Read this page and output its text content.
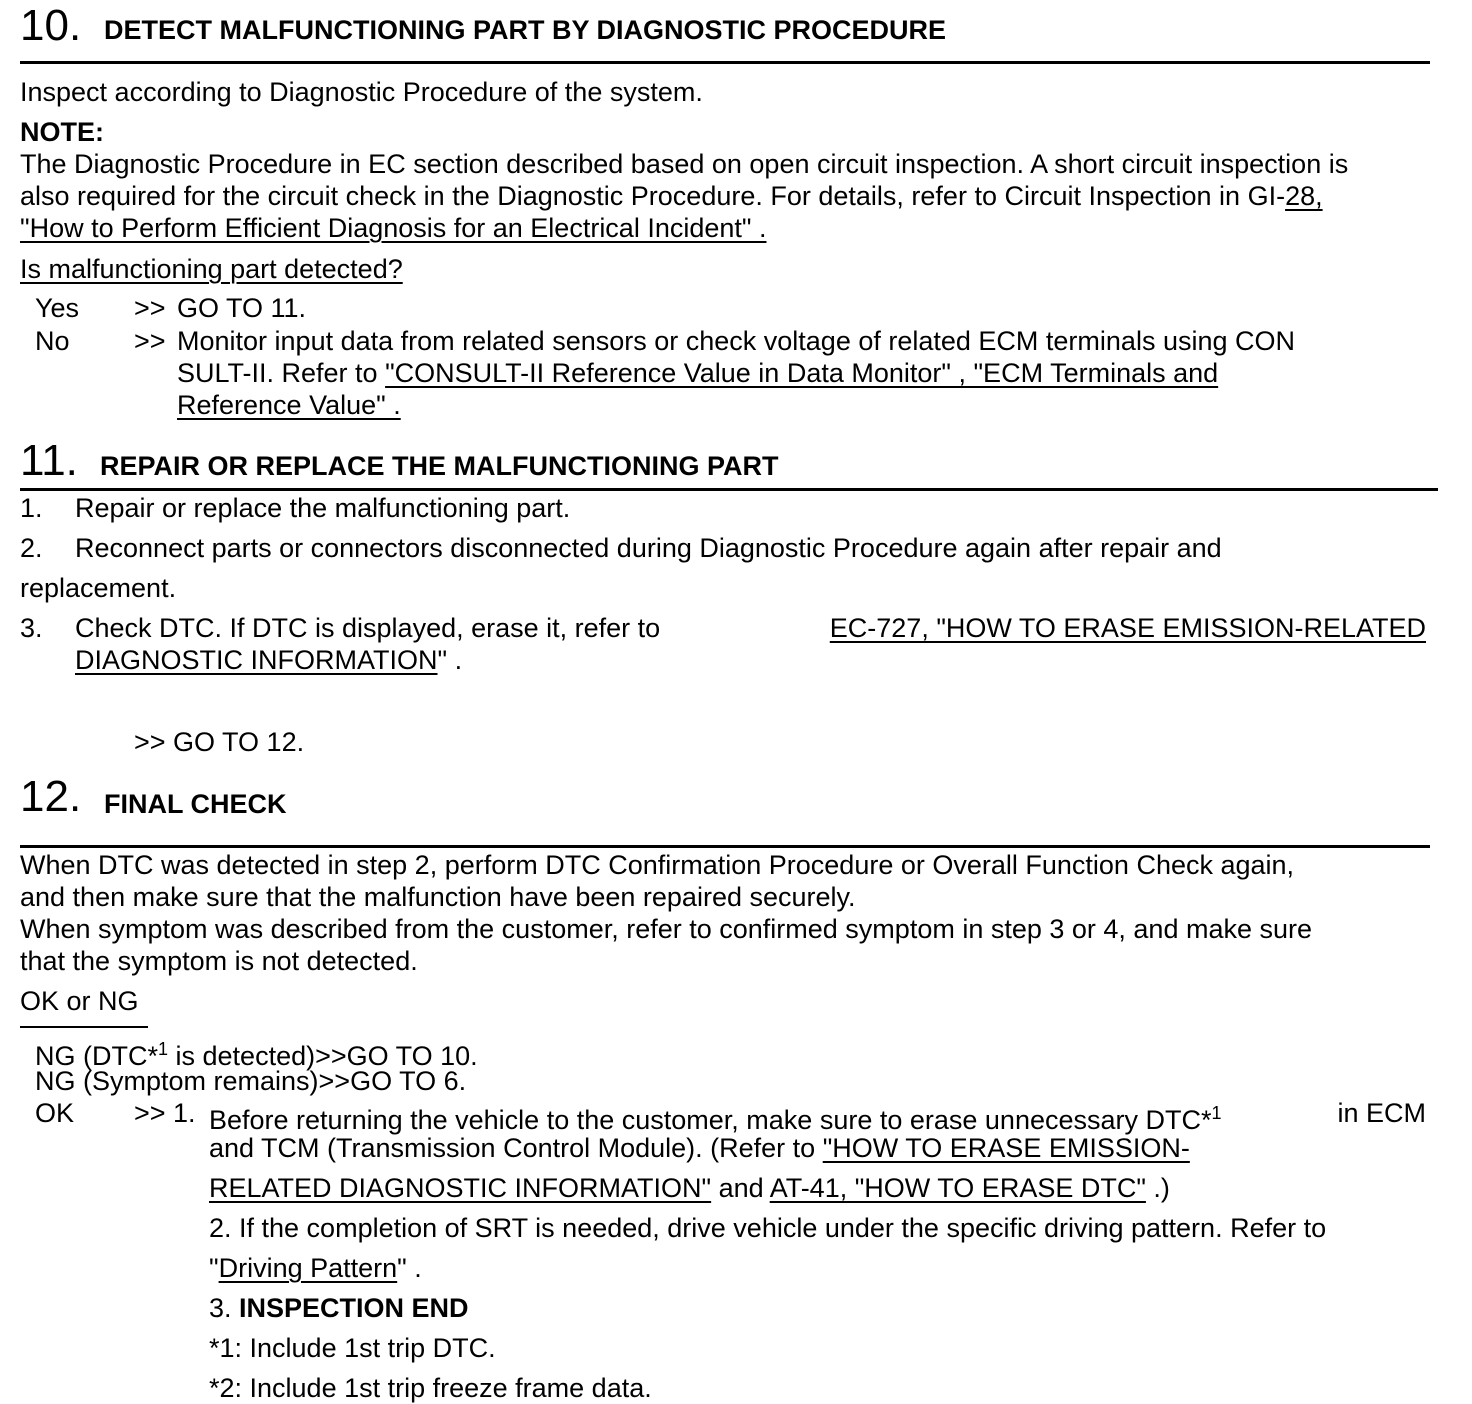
10. DETECT MALFUNCTIONING PART BY DIAGNOSTIC PROCEDURE
Inspect according to Diagnostic Procedure of the system.
NOTE:
The Diagnostic Procedure in EC section described based on open circuit inspection. A short circuit inspection is
also required for the circuit check in the Diagnostic Procedure. For details, refer to Circuit Inspection in GI-28,
"How to Perform Efficient Diagnosis for an Electrical Incident" .
Is malfunctioning part detected?
Yes >> GO TO 11.
No >> Monitor input data from related sensors or check voltage of related ECM terminals using CON
SULT-II. Refer to "CONSULT-II Reference Value in Data Monitor" , "ECM Terminals and
Reference Value" .
11. REPAIR OR REPLACE THE MALFUNCTIONING PART
1. Repair or replace the malfunctioning part.
2. Reconnect parts or connectors disconnected during Diagnostic Procedure again after repair and
replacement.
3. Check DTC. If DTC is displayed, erase it, refer to	EC-727, "HOW TO ERASE EMISSION-RELATED
DIAGNOSTIC INFORMATION" .
>> GO TO 12.
12. FINAL CHECK
When DTC was detected in step 2, perform DTC Confirmation Procedure or Overall Function Check again,
and then make sure that the malfunction have been repaired securely.
When symptom was described from the customer, refer to confirmed symptom in step 3 or 4, and make sure
that the symptom is not detected.
OK or NG
NG (DTC*$^1$ is detected)>>GO TO 10.
NG (Symptom remains)>>GO TO 6.
OK >> 1. Before returning the vehicle to the customer, make sure to erase unnecessary DTC*$^1$	in ECM
and TCM (Transmission Control Module). (Refer to "HOW TO ERASE EMISSION-
RELATED DIAGNOSTIC INFORMATION" and AT-41, "HOW TO ERASE DTC" .)
2. If the completion of SRT is needed, drive vehicle under the specific driving pattern. Refer to
"Driving Pattern" .
3. INSPECTION END
*1: Include 1st trip DTC.
*2: Include 1st trip freeze frame data.
